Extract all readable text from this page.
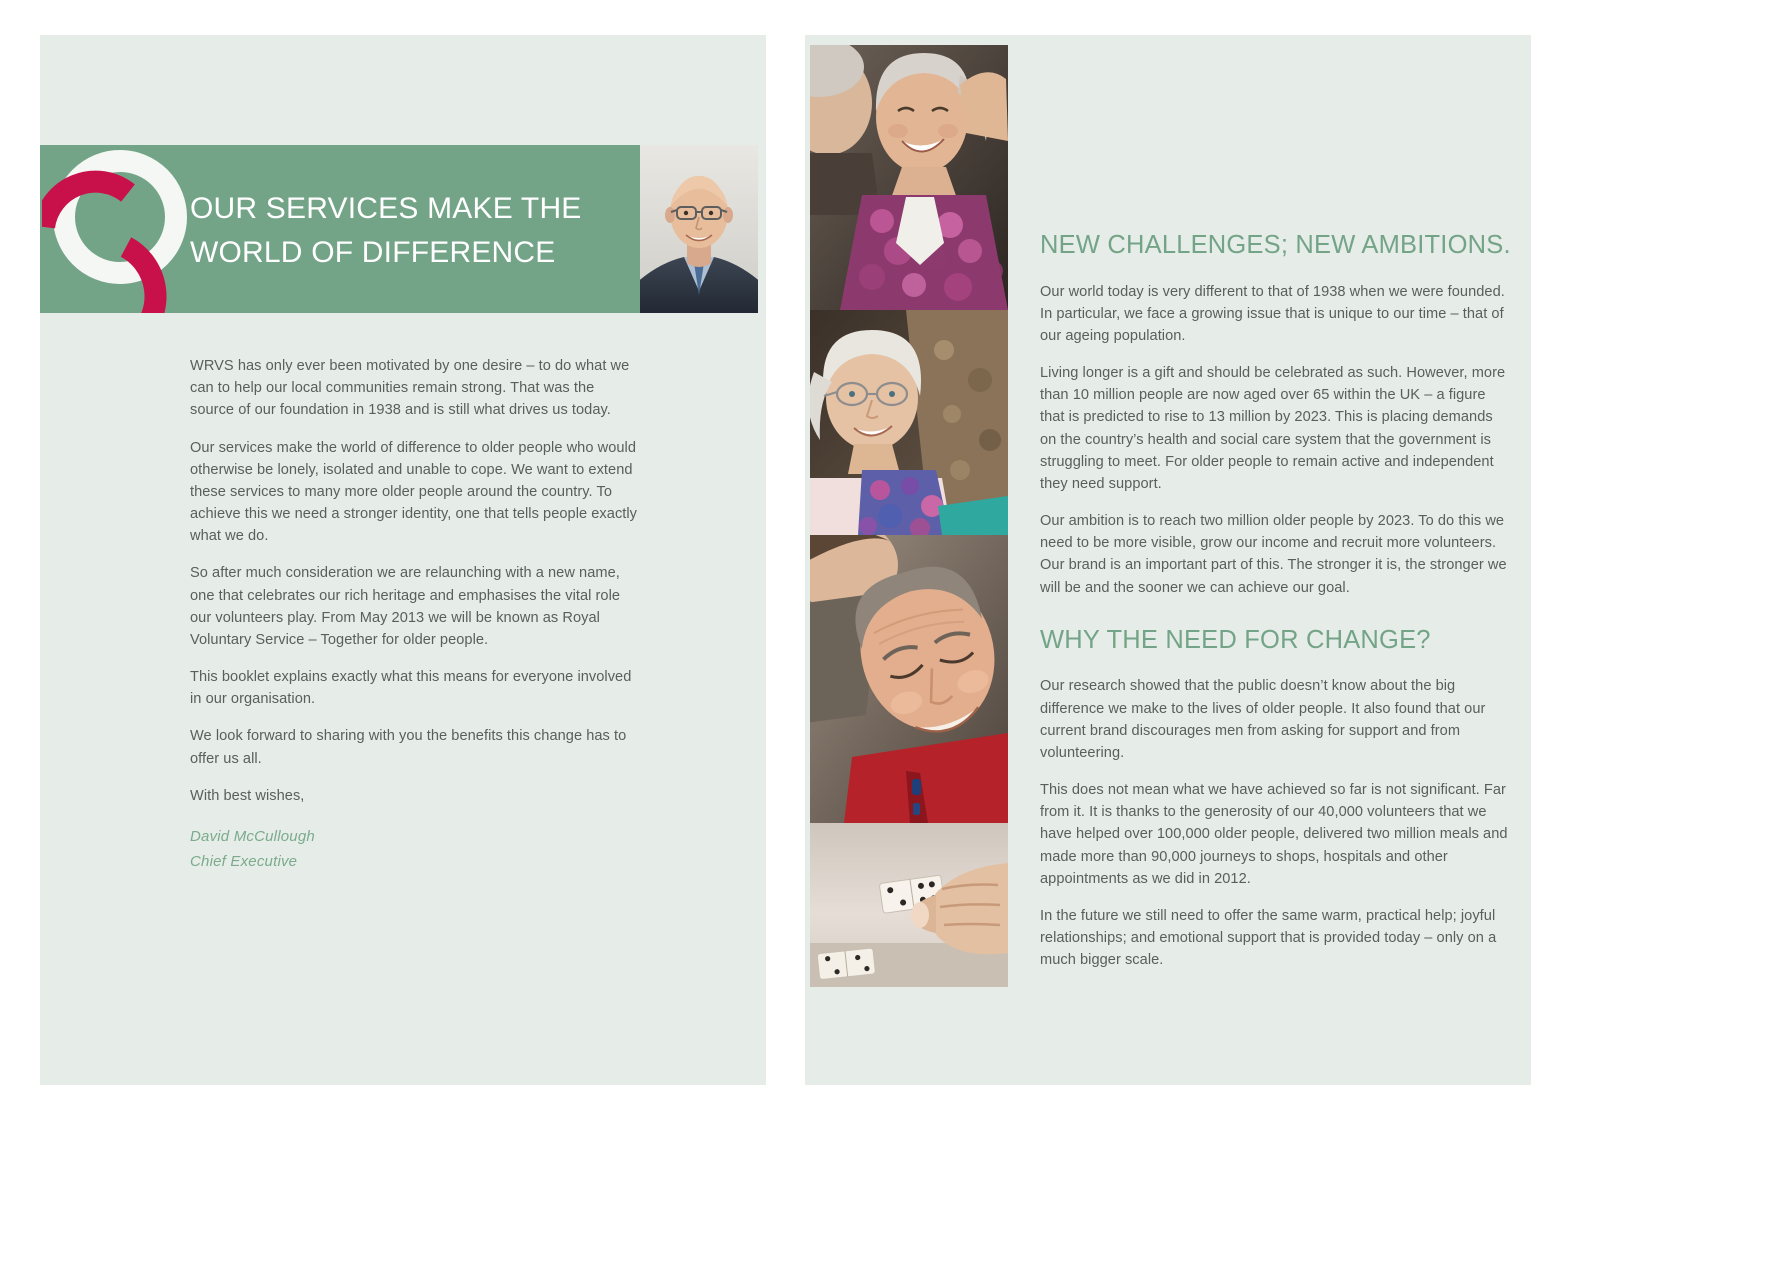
OUR SERVICES MAKE THE
WORLD OF DIFFERENCE

WRVS has only ever been motivated by one desire – to do what we can to help our local communities remain strong. That was the source of our foundation in 1938 and is still what drives us today.

Our services make the world of difference to older people who would otherwise be lonely, isolated and unable to cope. We want to extend these services to many more older people around the country. To achieve this we need a stronger identity, one that tells people exactly what we do.

So after much consideration we are relaunching with a new name, one that celebrates our rich heritage and emphasises the vital role our volunteers play. From May 2013 we will be known as Royal Voluntary Service – Together for older people.

This booklet explains exactly what this means for everyone involved in our organisation.

We look forward to sharing with you the benefits this change has to offer us all.

With best wishes,

David McCullough
Chief Executive
NEW CHALLENGES; NEW AMBITIONS.

Our world today is very different to that of 1938 when we were founded. In particular, we face a growing issue that is unique to our time – that of our ageing population.

Living longer is a gift and should be celebrated as such. However, more than 10 million people are now aged over 65 within the UK – a figure that is predicted to rise to 13 million by 2023. This is placing demands on the country’s health and social care system that the government is struggling to meet. For older people to remain active and independent they need support.

Our ambition is to reach two million older people by 2023. To do this we need to be more visible, grow our income and recruit more volunteers. Our brand is an important part of this. The stronger it is, the stronger we will be and the sooner we can achieve our goal.

WHY THE NEED FOR CHANGE?

Our research showed that the public doesn’t know about the big difference we make to the lives of older people. It also found that our current brand discourages men from asking for support and from volunteering.

This does not mean what we have achieved so far is not significant. Far from it. It is thanks to the generosity of our 40,000 volunteers that we have helped over 100,000 older people, delivered two million meals and made more than 90,000 journeys to shops, hospitals and other appointments as we did in 2012.

In the future we still need to offer the same warm, practical help; joyful relationships; and emotional support that is provided today – only on a much bigger scale.
